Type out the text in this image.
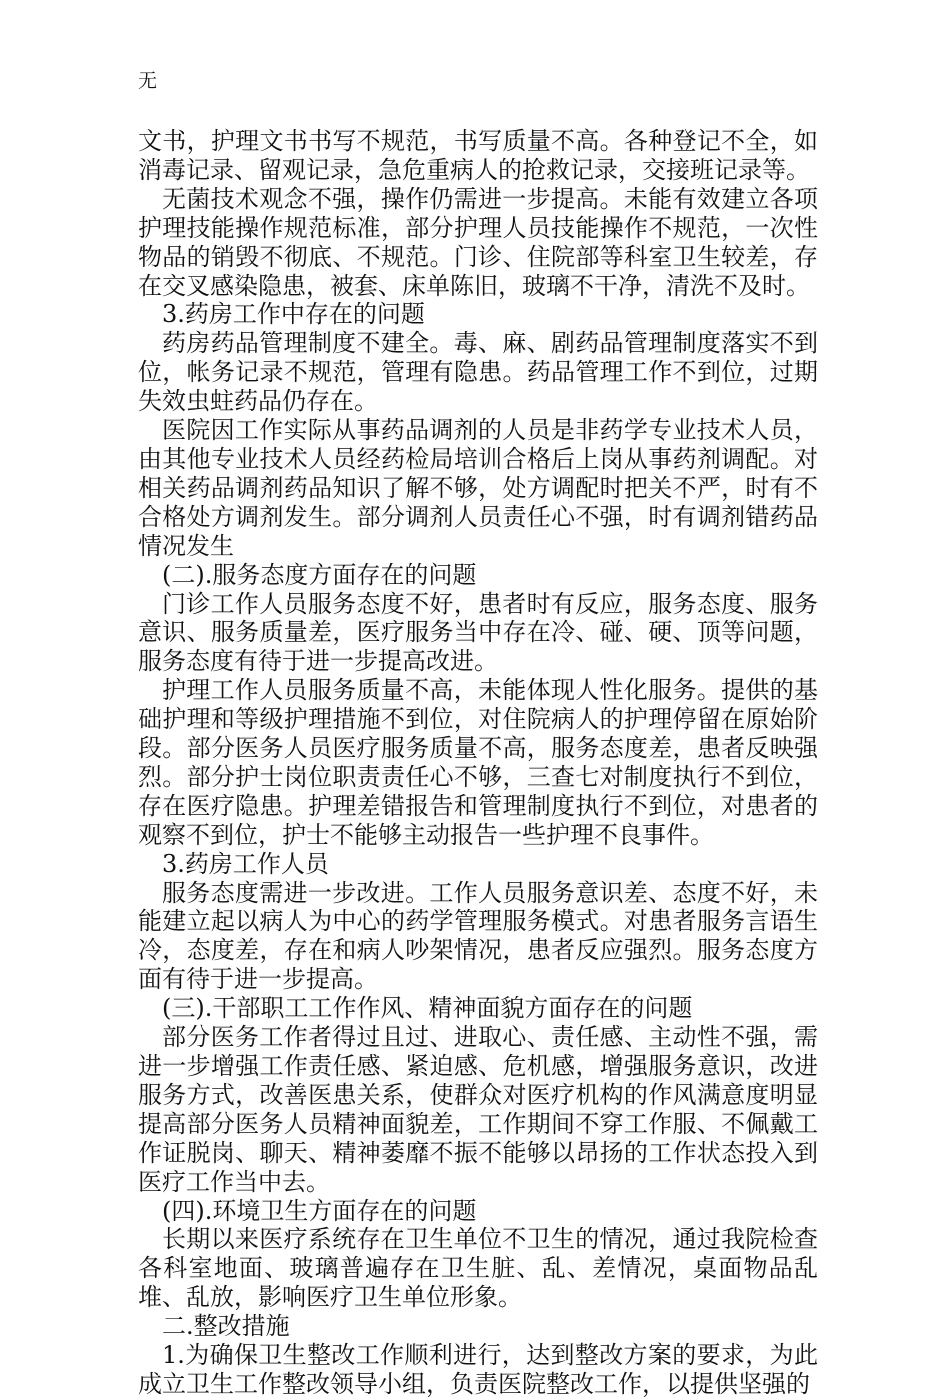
无

文书，护理文书书写不规范，书写质量不高。各种登记不全，如消毒记录、留观记录，急危重病人的抢救记录，交接班记录等。

无菌技术观念不强，操作仍需进一步提高。未能有效建立各项护理技能操作规范标准，部分护理人员技能操作不规范，一次性物品的销毁不彻底、不规范。门诊、住院部等科室卫生较差，存在交叉感染隐患，被套、床单陈旧，玻璃不干净，清洗不及时。

3.药房工作中存在的问题

药房药品管理制度不建全。毒、麻、剧药品管理制度落实不到位，帐务记录不规范，管理有隐患。药品管理工作不到位，过期失效虫蛀药品仍存在。

医院因工作实际从事药品调剂的人员是非药学专业技术人员，由其他专业技术人员经药检局培训合格后上岗从事药剂调配。对相关药品调剂药品知识了解不够，处方调配时把关不严，时有不合格处方调剂发生。部分调剂人员责任心不强，时有调剂错药品情况发生

(二).服务态度方面存在的问题

门诊工作人员服务态度不好，患者时有反应，服务态度、服务意识、服务质量差，医疗服务当中存在冷、碰、硬、顶等问题，服务态度有待于进一步提高改进。

护理工作人员服务质量不高，未能体现人性化服务。提供的基础护理和等级护理措施不到位，对住院病人的护理停留在原始阶段。部分医务人员医疗服务质量不高，服务态度差，患者反映强烈。部分护士岗位职责责任心不够，三查七对制度执行不到位，存在医疗隐患。护理差错报告和管理制度执行不到位，对患者的观察不到位，护士不能够主动报告一些护理不良事件。

3.药房工作人员

服务态度需进一步改进。工作人员服务意识差、态度不好，未能建立起以病人为中心的药学管理服务模式。对患者服务言语生冷，态度差，存在和病人吵架情况，患者反应强烈。服务态度方面有待于进一步提高。

(三).干部职工工作作风、精神面貌方面存在的问题

部分医务工作者得过且过、进取心、责任感、主动性不强，需进一步增强工作责任感、紧迫感、危机感，增强服务意识，改进服务方式，改善医患关系，使群众对医疗机构的作风满意度明显提高部分医务人员精神面貌差，工作期间不穿工作服、不佩戴工作证脱岗、聊天、精神萎靡不振不能够以昂扬的工作状态投入到医疗工作当中去。

(四).环境卫生方面存在的问题

长期以来医疗系统存在卫生单位不卫生的情况，通过我院检查各科室地面、玻璃普遍存在卫生脏、乱、差情况，桌面物品乱堆、乱放，影响医疗卫生单位形象。

二.整改措施

1.为确保卫生整改工作顺利进行，达到整改方案的要求，为此成立卫生工作整改领导小组，负责医院整改工作，以提供坚强的
